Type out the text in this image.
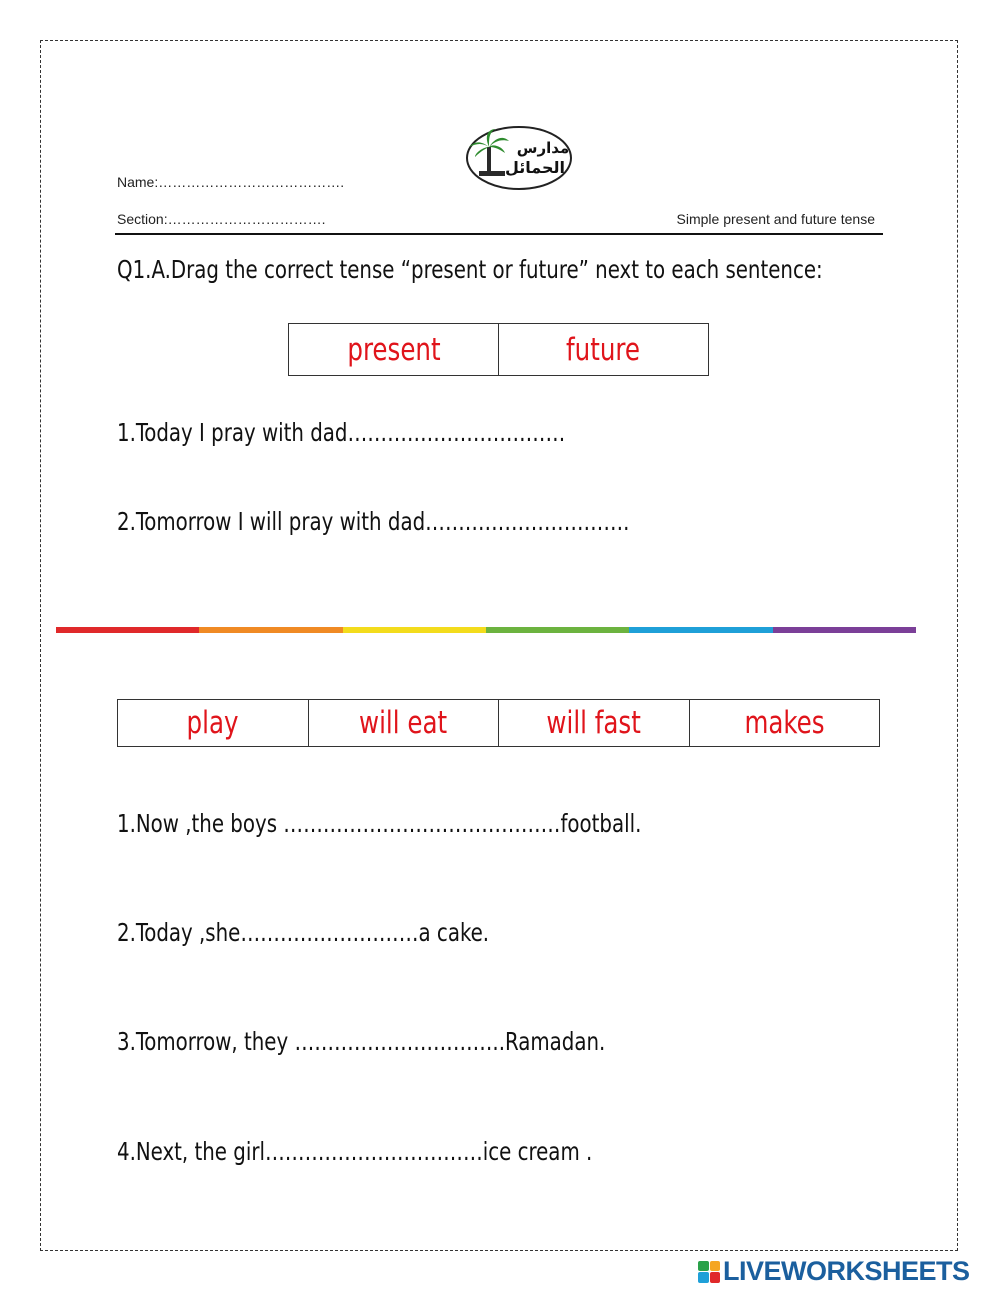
مدارس
الحمائل
Name:………………………………….
Section:…………………………….	Simple present and future tense
Q1.A.Drag the correct tense “present or future” next to each sentence:
present	future
1.Today I pray with dad……………………………
2.Tomorrow I will pray with dad………………………….
play	will eat	will fast	makes
1.Now ,the boys ……………………………………football.
2.Today ,she………………………a cake.
3.Tomorrow, they …………………………..Ramadan.
4.Next, the girl……………………………ice cream .
LIVEWORKSHEETS
